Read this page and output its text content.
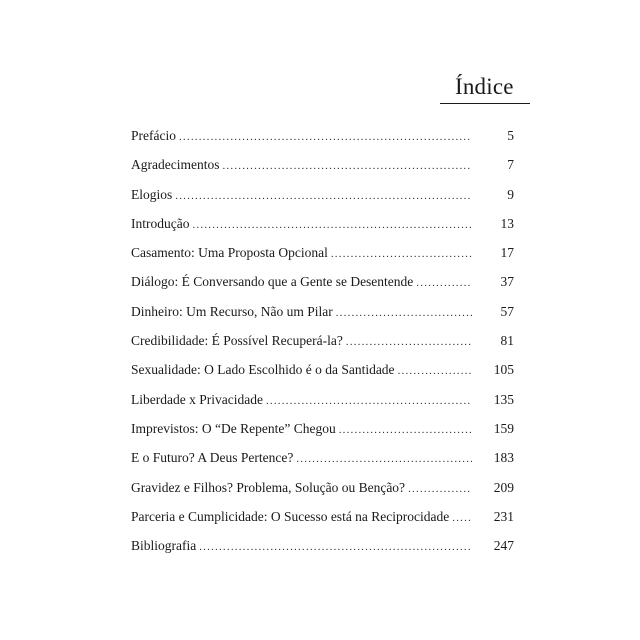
Índice
Prefácio .....	5
Agradecimentos .....	7
Elogios .....	9
Introdução .....	13
Casamento: Uma Proposta Opcional .....	17
Diálogo: É Conversando que a Gente se Desentende .....	37
Dinheiro: Um Recurso, Não um Pilar .....	57
Credibilidade: É Possível Recuperá-la? .....	81
Sexualidade: O Lado Escolhido é o da Santidade .....	105
Liberdade x Privacidade .....	135
Imprevistos: O “De Repente” Chegou .....	159
E o Futuro? A Deus Pertence? .....	183
Gravidez e Filhos? Problema, Solução ou Benção? .....	209
Parceria e Cumplicidade: O Sucesso está na Reciprocidade .....	231
Bibliografia .....	247
